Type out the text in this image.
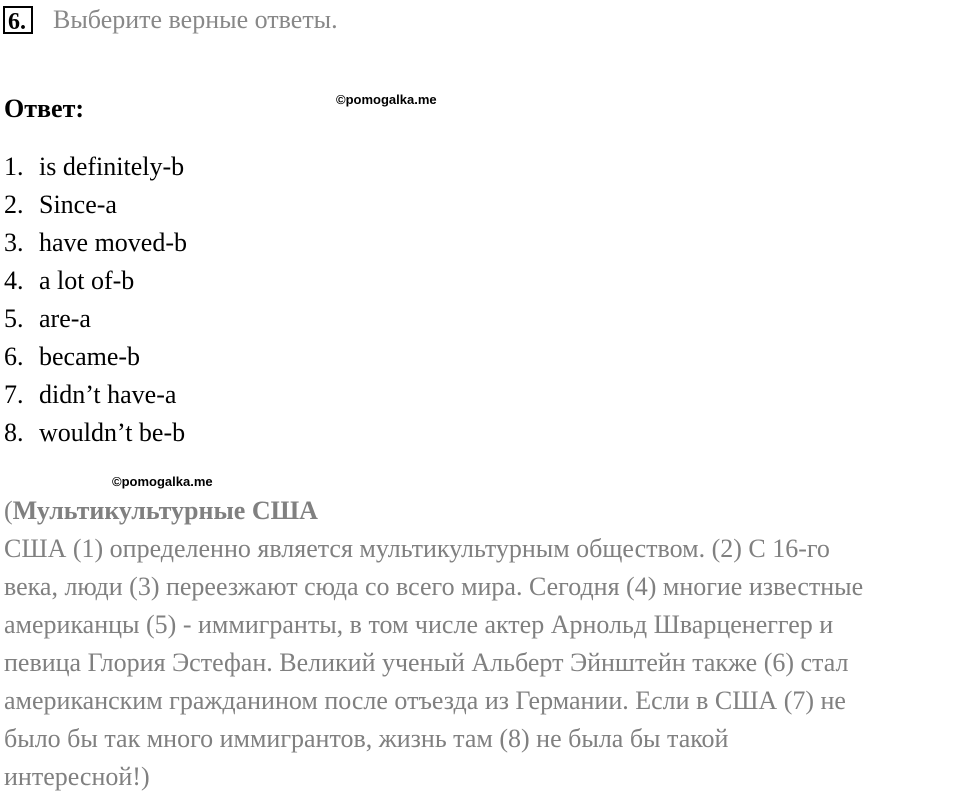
6. Выберите верные ответы.
Ответ:	©pomogalka.me
1. is definitely-b
2. Since-a
3. have moved-b
4. a lot of-b
5. are-a
6. became-b
7. didn’t have-a
8. wouldn’t be-b
©pomogalka.me
(Мультикультурные США
США (1) определенно является мультикультурным обществом. (2) С 16-го
века, люди (3) переезжают сюда со всего мира. Сегодня (4) многие известные
американцы (5) - иммигранты, в том числе актер Арнольд Шварценеггер и
певица Глория Эстефан. Великий ученый Альберт Эйнштейн также (6) стал
американским гражданином после отъезда из Германии. Если в США (7) не
было бы так много иммигрантов, жизнь там (8) не была бы такой
интересной!)
